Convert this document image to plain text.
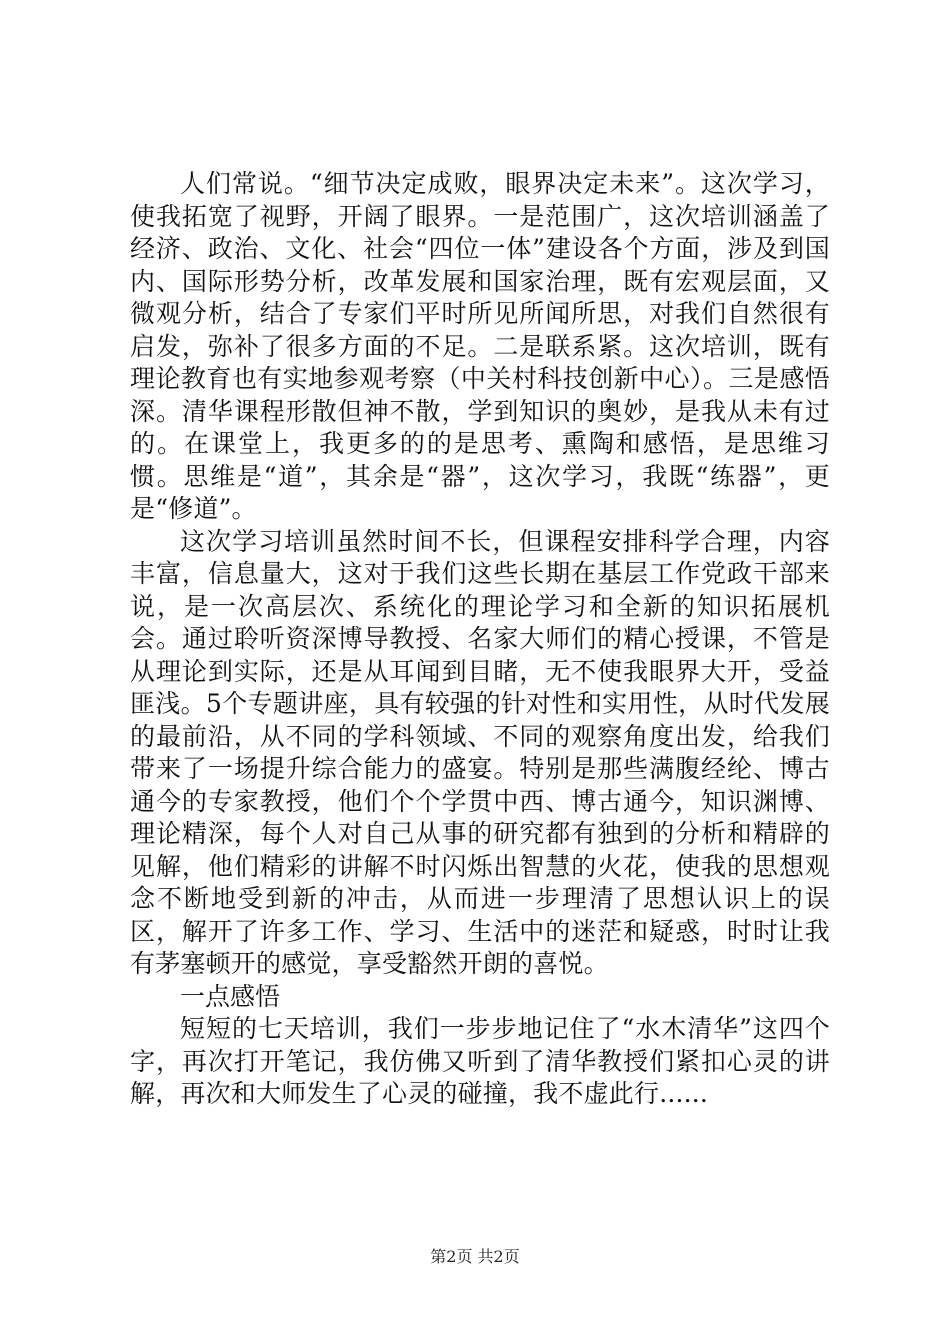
人们常说。“细节决定成败，眼界决定未来”。这次学习，使我拓宽了视野，开阔了眼界。一是范围广，这次培训涵盖了经济、政治、文化、社会“四位一体”建设各个方面，涉及到国内、国际形势分析，改革发展和国家治理，既有宏观层面，又微观分析，结合了专家们平时所见所闻所思，对我们自然很有启发，弥补了很多方面的不足。二是联系紧。这次培训，既有理论教育也有实地参观考察（中关村科技创新中心）。三是感悟深。清华课程形散但神不散，学到知识的奥妙，是我从未有过的。在课堂上，我更多的的是思考、熏陶和感悟，是思维习惯。思维是“道”，其余是“器”，这次学习，我既“练器”，更是“修道”。

这次学习培训虽然时间不长，但课程安排科学合理，内容丰富，信息量大，这对于我们这些长期在基层工作党政干部来说，是一次高层次、系统化的理论学习和全新的知识拓展机会。通过聆听资深博导教授、名家大师们的精心授课，不管是从理论到实际，还是从耳闻到目睹，无不使我眼界大开，受益匪浅。5个专题讲座，具有较强的针对性和实用性，从时代发展的最前沿，从不同的学科领域、不同的观察角度出发，给我们带来了一场提升综合能力的盛宴。特别是那些满腹经纶、博古通今的专家教授，他们个个学贯中西、博古通今，知识渊博、理论精深，每个人对自己从事的研究都有独到的分析和精辟的见解，他们精彩的讲解不时闪烁出智慧的火花，使我的思想观念不断地受到新的冲击，从而进一步理清了思想认识上的误区，解开了许多工作、学习、生活中的迷茫和疑惑，时时让我有茅塞顿开的感觉，享受豁然开朗的喜悦。

一点感悟

短短的七天培训，我们一步步地记住了“水木清华”这四个字，再次打开笔记，我仿佛又听到了清华教授们紧扣心灵的讲解，再次和大师发生了心灵的碰撞，我不虚此行......

第2页 共2页
